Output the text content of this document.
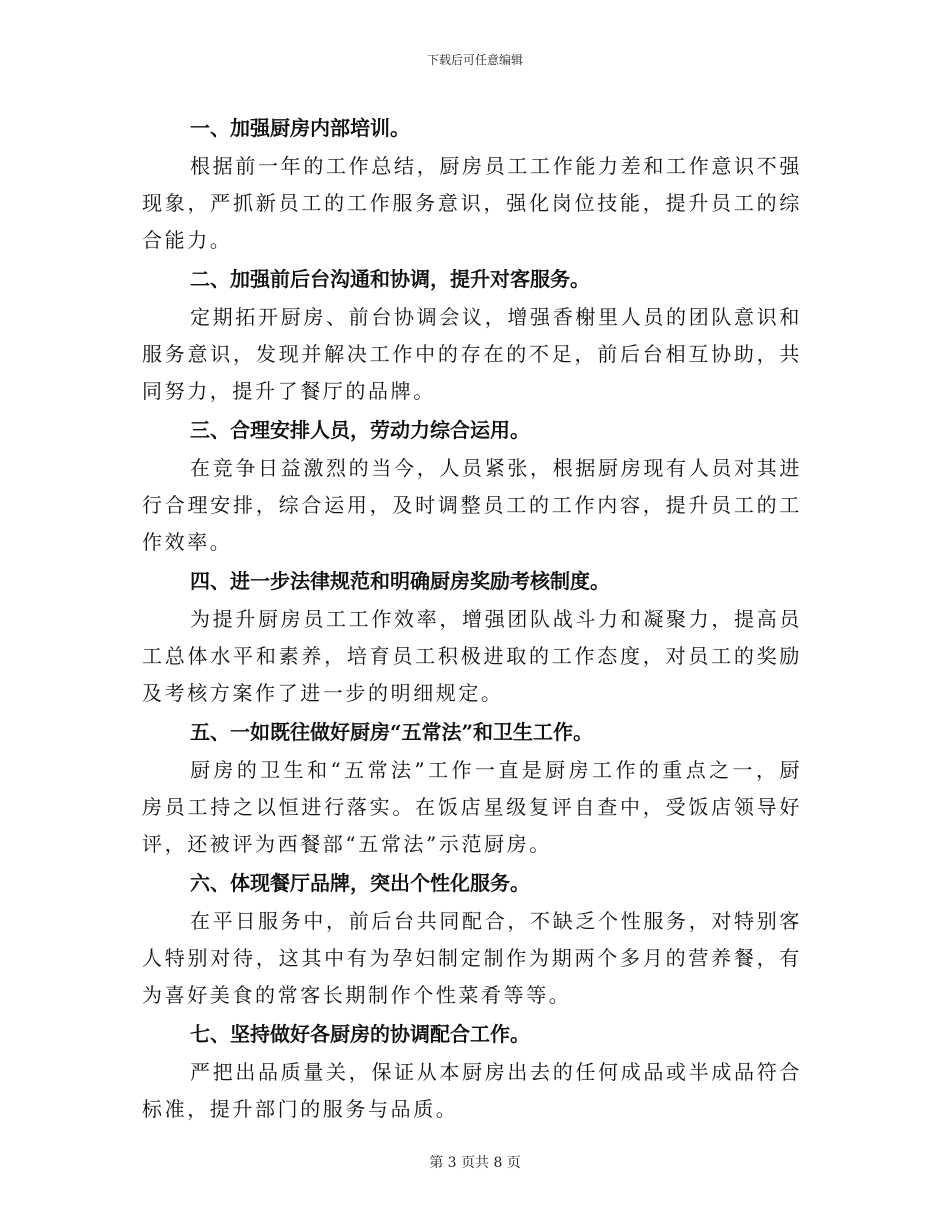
下载后可任意编辑

一、加强厨房内部培训。

根据前一年的工作总结，厨房员工工作能力差和工作意识不强现象，严抓新员工的工作服务意识，强化岗位技能，提升员工的综合能力。

二、加强前后台沟通和协调，提升对客服务。

定期拓开厨房、前台协调会议，增强香榭里人员的团队意识和服务意识，发现并解决工作中的存在的不足，前后台相互协助，共同努力，提升了餐厅的品牌。

三、合理安排人员，劳动力综合运用。

在竞争日益激烈的当今，人员紧张，根据厨房现有人员对其进行合理安排，综合运用，及时调整员工的工作内容，提升员工的工作效率。

四、进一步法律规范和明确厨房奖励考核制度。

为提升厨房员工工作效率，增强团队战斗力和凝聚力，提高员工总体水平和素养，培育员工积极进取的工作态度，对员工的奖励及考核方案作了进一步的明细规定。

五、一如既往做好厨房“五常法”和卫生工作。

厨房的卫生和“五常法”工作一直是厨房工作的重点之一，厨房员工持之以恒进行落实。在饭店星级复评自查中，受饭店领导好评，还被评为西餐部“五常法”示范厨房。

六、体现餐厅品牌，突出个性化服务。

在平日服务中，前后台共同配合，不缺乏个性服务，对特别客人特别对待，这其中有为孕妇制定制作为期两个多月的营养餐，有为喜好美食的常客长期制作个性菜肴等等。

七、坚持做好各厨房的协调配合工作。

严把出品质量关，保证从本厨房出去的任何成品或半成品符合标准，提升部门的服务与品质。

第 3 页共 8 页
